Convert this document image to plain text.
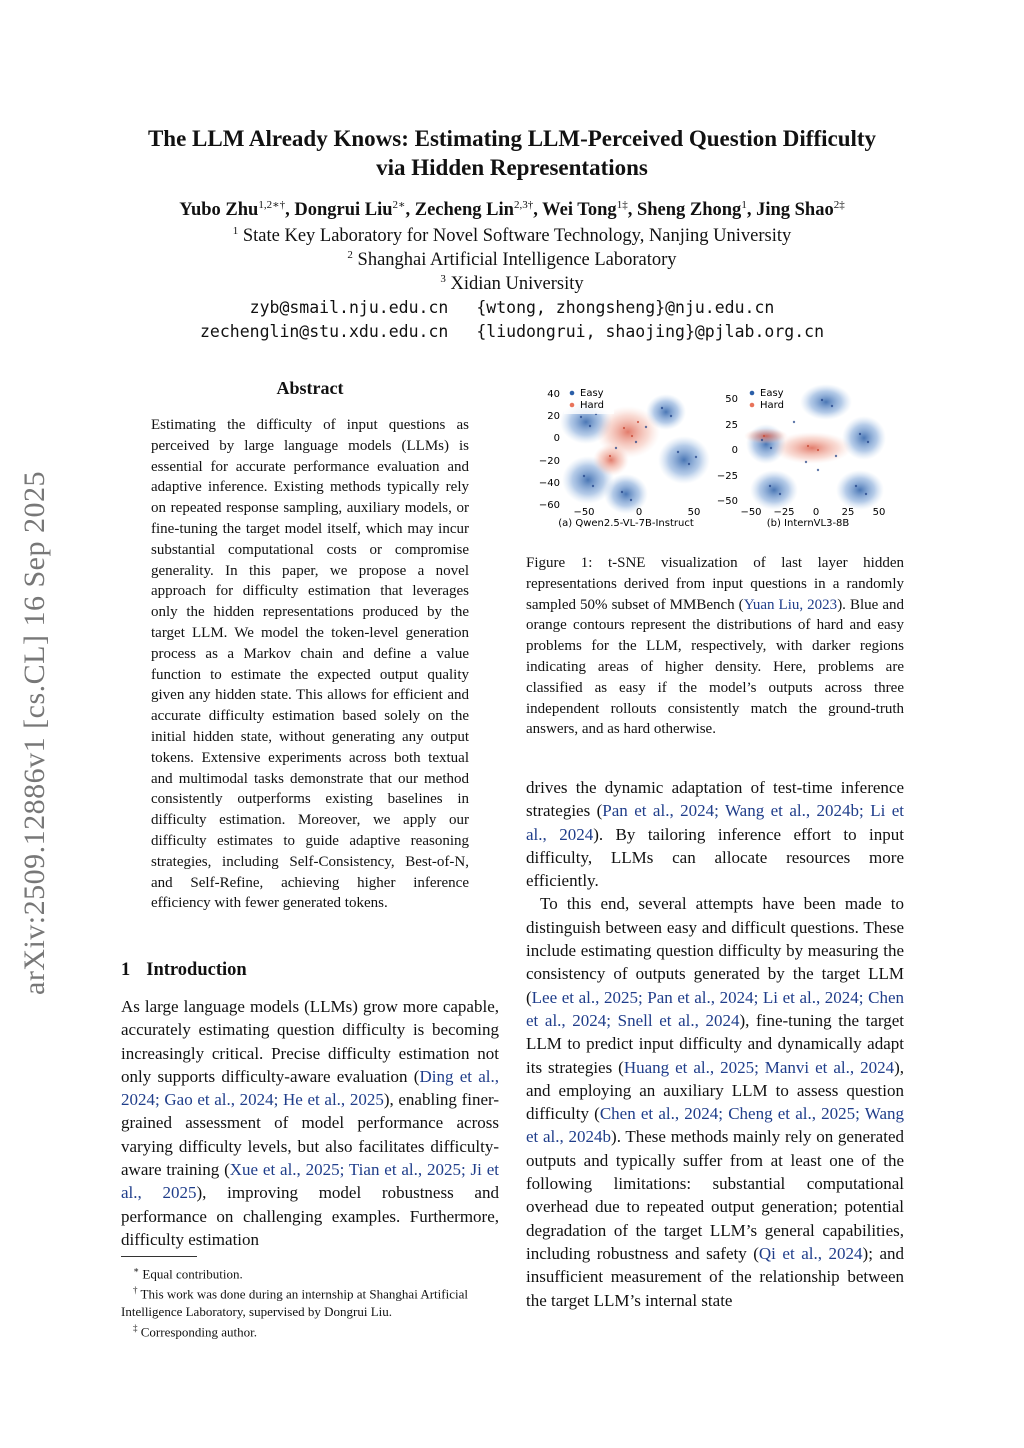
arXiv:2509.12886v1 [cs.CL] 16 Sep 2025
The LLM Already Knows: Estimating LLM-Perceived Question Difficulty
via Hidden Representations
Yubo Zhu$^{1,2∗\dagger}$, Dongrui Liu$^{2∗}$, Zecheng Lin$^{2,3\dagger}$, Wei Tong$^{1\ddagger}$, Sheng Zhong$^1$, Jing Shao$^{2\ddagger}$
$^1$ State Key Laboratory for Novel Software Technology, Nanjing University
$^2$ Shanghai Artificial Intelligence Laboratory
$^3$ Xidian University
zyb@smail.nju.edu.cn {wtong, zhongsheng}@nju.edu.cn
zechenglin@stu.xdu.edu.cn {liudongrui, shaojing}@pjlab.org.cn
Abstract
Estimating the difficulty of input questions as perceived by large language models (LLMs) is essential for accurate performance evaluation and adaptive inference. Existing methods typically rely on repeated response sampling, auxiliary models, or fine-tuning the target model itself, which may incur substantial computational costs or compromise generality. In this paper, we propose a novel approach for difficulty estimation that leverages only the hidden representations produced by the target LLM. We model the token-level generation process as a Markov chain and define a value function to estimate the expected output quality given any hidden state. This allows for efficient and accurate difficulty estimation based solely on the initial hidden state, without generating any output tokens. Extensive experiments across both textual and multimodal tasks demonstrate that our method consistently outperforms existing baselines in difficulty estimation. Moreover, we apply our difficulty estimates to guide adaptive reasoning strategies, including Self-Consistency, Best-of-N, and Self-Refine, achieving higher inference efficiency with fewer generated tokens.
1 Introduction
As large language models (LLMs) grow more capable, accurately estimating question difficulty is becoming increasingly critical. Precise difficulty estimation not only supports difficulty-aware evaluation (Ding et al., 2024; Gao et al., 2024; He et al., 2025), enabling finer-grained assessment of model performance across varying difficulty levels, but also facilitates difficulty-aware training (Xue et al., 2025; Tian et al., 2025; Ji et al., 2025), improving model robustness and performance on challenging examples. Furthermore, difficulty estimation

∗ Equal contribution.

† This work was done during an internship at Shanghai Artificial Intelligence Laboratory, supervised by Dongrui Liu.

‡ Corresponding author.

40
20
0
−20
−40
−60
Easy
Hard
−50	0	50
(a) Qwen2.5-VL-7B-Instruct
50
25
0
−25
−50
Easy
Hard
−50 −25 0 25 50
(b) InternVL3-8B
Figure 1: t-SNE visualization of last layer hidden representations derived from input questions in a randomly sampled 50% subset of MMBench (Yuan Liu, 2023). Blue and orange contours represent the distributions of hard and easy problems for the LLM, respectively, with darker regions indicating areas of higher density. Here, problems are classified as easy if the model’s outputs across three independent rollouts consistently match the ground-truth answers, and as hard otherwise.

drives the dynamic adaptation of test-time inference strategies (Pan et al., 2024; Wang et al., 2024b; Li et al., 2024). By tailoring inference effort to input difficulty, LLMs can allocate resources more efficiently.

To this end, several attempts have been made to distinguish between easy and difficult questions. These include estimating question difficulty by measuring the consistency of outputs generated by the target LLM (Lee et al., 2025; Pan et al., 2024; Li et al., 2024; Chen et al., 2024; Snell et al., 2024), fine-tuning the target LLM to predict input difficulty and dynamically adapt its strategies (Huang et al., 2025; Manvi et al., 2024), and employing an auxiliary LLM to assess question difficulty (Chen et al., 2024; Cheng et al., 2025; Wang et al., 2024b). These methods mainly rely on generated outputs and typically suffer from at least one of the following limitations: substantial computational overhead due to repeated output generation; potential degradation of the target LLM’s general capabilities, including robustness and safety (Qi et al., 2024); and insufficient measurement of the relationship between the target LLM’s internal state
